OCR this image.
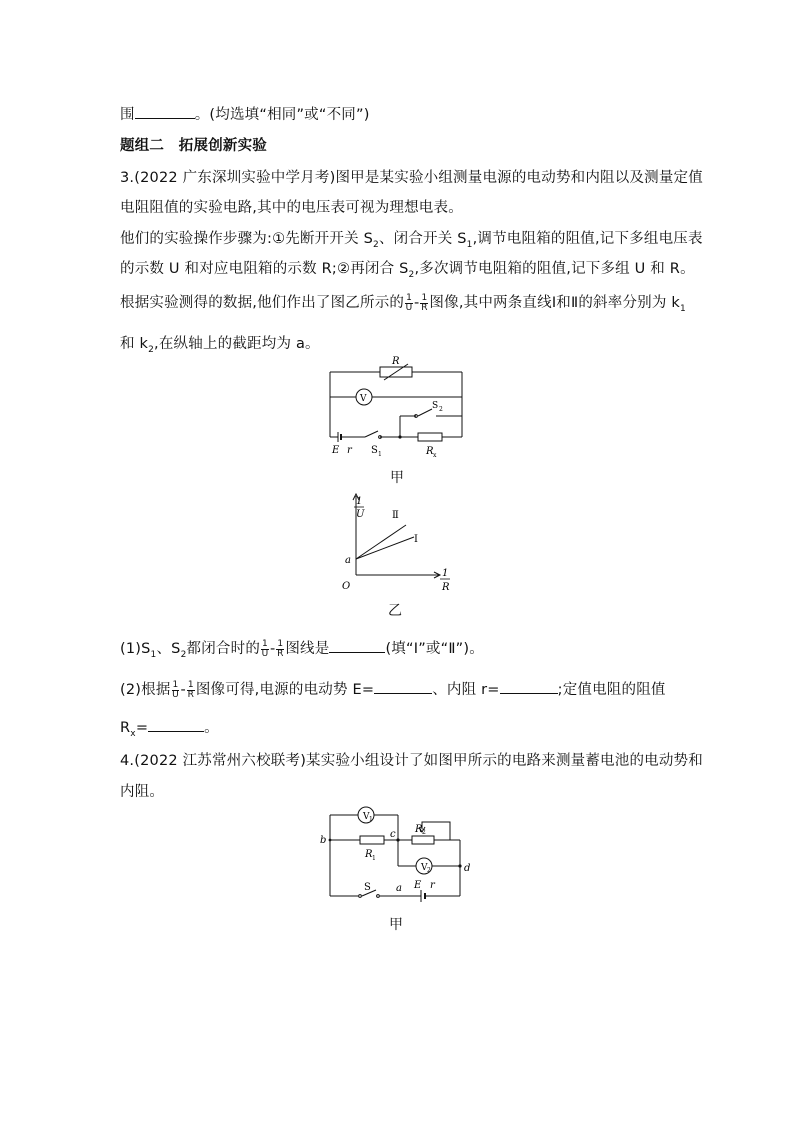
围	。(均选填“相同”或“不同”)
题组二　拓展创新实验
3.(2022 广东深圳实验中学月考)图甲是某实验小组测量电源的电动势和内阻以及测量定值
电阻阻值的实验电路,其中的电压表可视为理想电表。
他们的实验操作步骤为:①先断开开关 $S_2$、闭合开关 $S_1$,调节电阻箱的阻值,记下多组电压表
的示数 U 和对应电阻箱的示数 R;②再闭合 $S_2$,多次调节电阻箱的阻值,记下多组 U 和 R。
根据实验测得的数据,他们作出了图乙所示的 $\frac{1}{U} - \frac{1}{R}$ 图像,其中两条直线Ⅰ和Ⅱ的斜率分别为 $k_1$
和 $k_2$,在纵轴上的截距均为 a。
R
V
S 2
E r S 1	R x
甲
1
U
1
R
O
a
Ⅱ
Ⅰ
乙
$(1)S_1$、$S_2$都闭合时的 $\frac{1}{U} - \frac{1}{R}$ 图线是	(填“Ⅰ”或“Ⅱ”)。
(2)根据 $\frac{1}{U} - \frac{1}{R}$ 图像可得,电源的电动势 E=	、内阻 r=	;定值电阻的阻值
$R_x=$	。
4.(2022 江苏常州六校联考)某实验小组设计了如图甲所示的电路来测量蓄电池的电动势和
内阻。
V 1
R 2
b
c
R 1
V 2	d
S	a E r
甲
